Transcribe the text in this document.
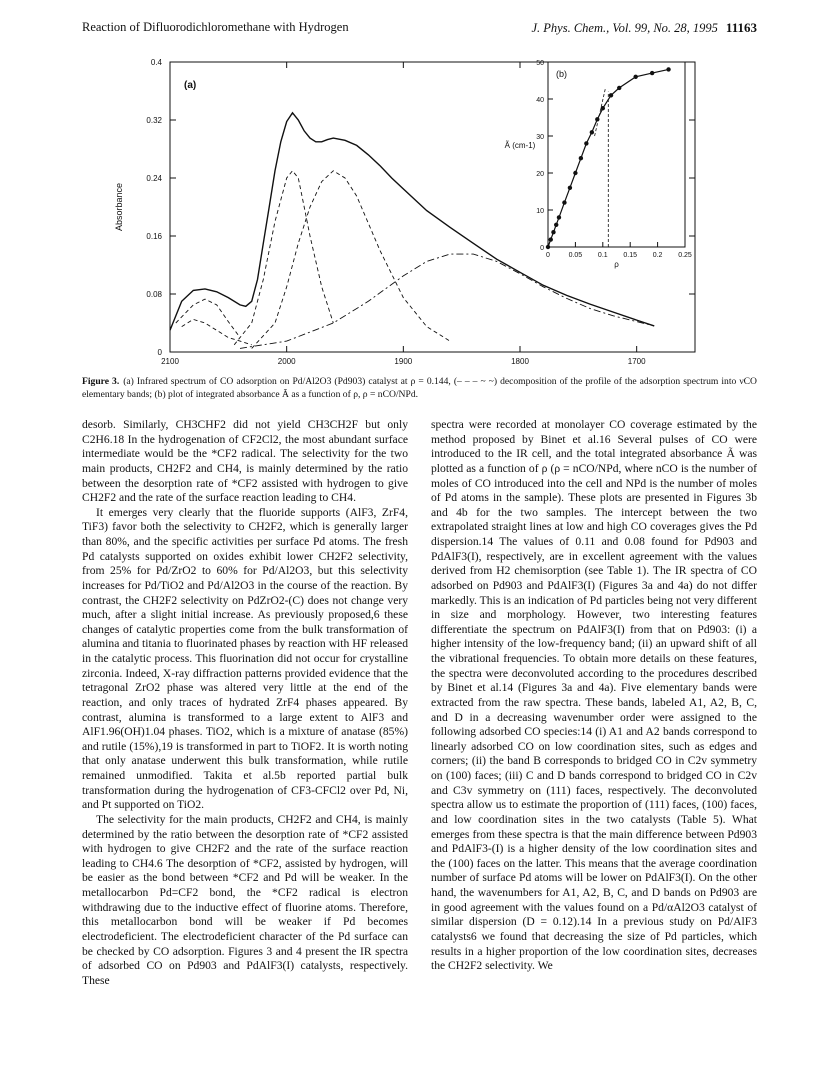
Reaction of Difluorodichloromethane with Hydrogen	J. Phys. Chem., Vol. 99, No. 28, 1995 11163
0
0.08
0.16
0.24
0.32
0.4
2100	2000	1900	1800	1700
Absorbance
(a)
0
10
20
30
40
50
0	0.05 0.1 0.15 0.2 0.25
ρ
Ã (cm-1)
(b)
Figure 3. (a) Infrared spectrum of CO adsorption on Pd/Al2O3 (Pd903) catalyst at ρ = 0.144, (– – – ~ ~) decomposition of the profile of the adsorption spectrum into νCO elementary bands; (b) plot of integrated absorbance Ã as a function of ρ, ρ = nCO/NPd.

desorb. Similarly, CH3CHF2 did not yield CH3CH2F but only C2H6.18 In the hydrogenation of CF2Cl2, the most abundant surface intermediate would be the *CF2 radical. The selectivity for the two main products, CH2F2 and CH4, is mainly determined by the ratio between the desorption rate of *CF2 assisted with hydrogen to give CH2F2 and the rate of the surface reaction leading to CH4.

It emerges very clearly that the fluoride supports (AlF3, ZrF4, TiF3) favor both the selectivity to CH2F2, which is generally larger than 80%, and the specific activities per surface Pd atoms. The fresh Pd catalysts supported on oxides exhibit lower CH2F2 selectivity, from 25% for Pd/ZrO2 to 60% for Pd/Al2O3, but this selectivity increases for Pd/TiO2 and Pd/Al2O3 in the course of the reaction. By contrast, the CH2F2 selectivity on PdZrO2-(C) does not change very much, after a slight initial increase. As previously proposed,6 these changes of catalytic properties come from the bulk transformation of alumina and titania to fluorinated phases by reaction with HF released in the catalytic process. This fluorination did not occur for crystalline zirconia. Indeed, X-ray diffraction patterns provided evidence that the tetragonal ZrO2 phase was altered very little at the end of the reaction, and only traces of hydrated ZrF4 phases appeared. By contrast, alumina is transformed to a large extent to AlF3 and AlF1.96(OH)1.04 phases. TiO2, which is a mixture of anatase (85%) and rutile (15%),19 is transformed in part to TiOF2. It is worth noting that only anatase underwent this bulk transformation, while rutile remained unmodified. Takita et al.5b reported partial bulk transformation during the hydrogenation of CF3-CFCl2 over Pd, Ni, and Pt supported on TiO2.

The selectivity for the main products, CH2F2 and CH4, is mainly determined by the ratio between the desorption rate of *CF2 assisted with hydrogen to give CH2F2 and the rate of the surface reaction leading to CH4.6 The desorption of *CF2, assisted by hydrogen, will be easier as the bond between *CF2 and Pd will be weaker. In the metallocarbon Pd=CF2 bond, the *CF2 radical is electron withdrawing due to the inductive effect of fluorine atoms. Therefore, this metallocarbon bond will be weaker if Pd becomes electrodeficient. The electrodeficient character of the Pd surface can be checked by CO adsorption. Figures 3 and 4 present the IR spectra of adsorbed CO on Pd903 and PdAlF3(I) catalysts, respectively. These

spectra were recorded at monolayer CO coverage estimated by the method proposed by Binet et al.16 Several pulses of CO were introduced to the IR cell, and the total integrated absorbance Ã was plotted as a function of ρ (ρ = nCO/NPd, where nCO is the number of moles of CO introduced into the cell and NPd is the number of moles of Pd atoms in the sample). These plots are presented in Figures 3b and 4b for the two samples. The intercept between the two extrapolated straight lines at low and high CO coverages gives the Pd dispersion.14 The values of 0.11 and 0.08 found for Pd903 and PdAlF3(I), respectively, are in excellent agreement with the values derived from H2 chemisorption (see Table 1). The IR spectra of CO adsorbed on Pd903 and PdAlF3(I) (Figures 3a and 4a) do not differ markedly. This is an indication of Pd particles being not very different in size and morphology. However, two interesting features differentiate the spectrum on PdAlF3(I) from that on Pd903: (i) a higher intensity of the low-frequency band; (ii) an upward shift of all the vibrational frequencies. To obtain more details on these features, the spectra were deconvoluted according to the procedures described by Binet et al.14 (Figures 3a and 4a). Five elementary bands were extracted from the raw spectra. These bands, labeled A1, A2, B, C, and D in a decreasing wavenumber order were assigned to the following adsorbed CO species:14 (i) A1 and A2 bands correspond to linearly adsorbed CO on low coordination sites, such as edges and corners; (ii) the band B corresponds to bridged CO in C2v symmetry on (100) faces; (iii) C and D bands correspond to bridged CO in C2v and C3v symmetry on (111) faces, respectively. The deconvoluted spectra allow us to estimate the proportion of (111) faces, (100) faces, and low coordination sites in the two catalysts (Table 5). What emerges from these spectra is that the main difference between Pd903 and PdAlF3-(I) is a higher density of the low coordination sites and the (100) faces on the latter. This means that the average coordination number of surface Pd atoms will be lower on PdAlF3(I). On the other hand, the wavenumbers for A1, A2, B, C, and D bands on Pd903 are in good agreement with the values found on a Pd/αAl2O3 catalyst of similar dispersion (D = 0.12).14 In a previous study on Pd/AlF3 catalysts6 we found that decreasing the size of Pd particles, which results in a higher proportion of the low coordination sites, decreases the CH2F2 selectivity. We
